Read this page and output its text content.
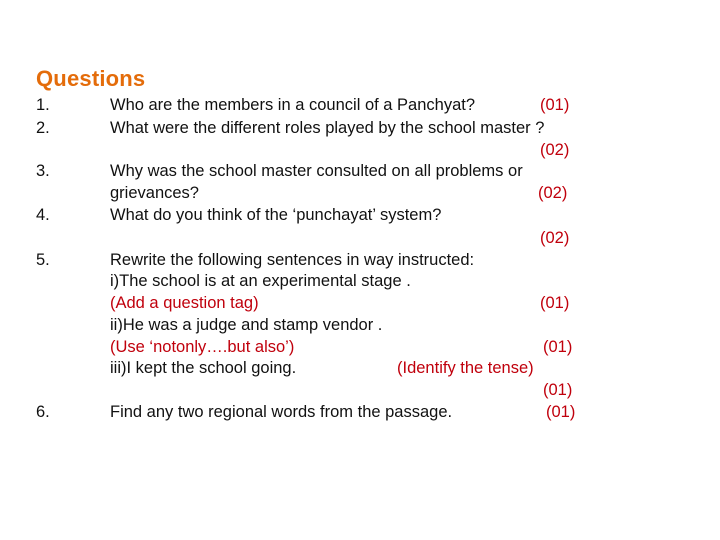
Questions
1.	Who are the members in a council of a Panchyat?	(01)
2.	What were the different roles played by the school master ?
(02)
3.	Why was the school master consulted on all problems or
grievances?	(02)
4.	What do you think of the ‘punchayat’ system?
(02)
5.	Rewrite the following sentences in way instructed:
i)The school is at an experimental stage .
(Add a question tag)	(01)
ii)He was a judge and stamp vendor .
(Use ‘notonly….but also’)	(01)
iii)I kept the school going.	(Identify the tense)
(01)
6.	Find any two regional words from the passage.	(01)
